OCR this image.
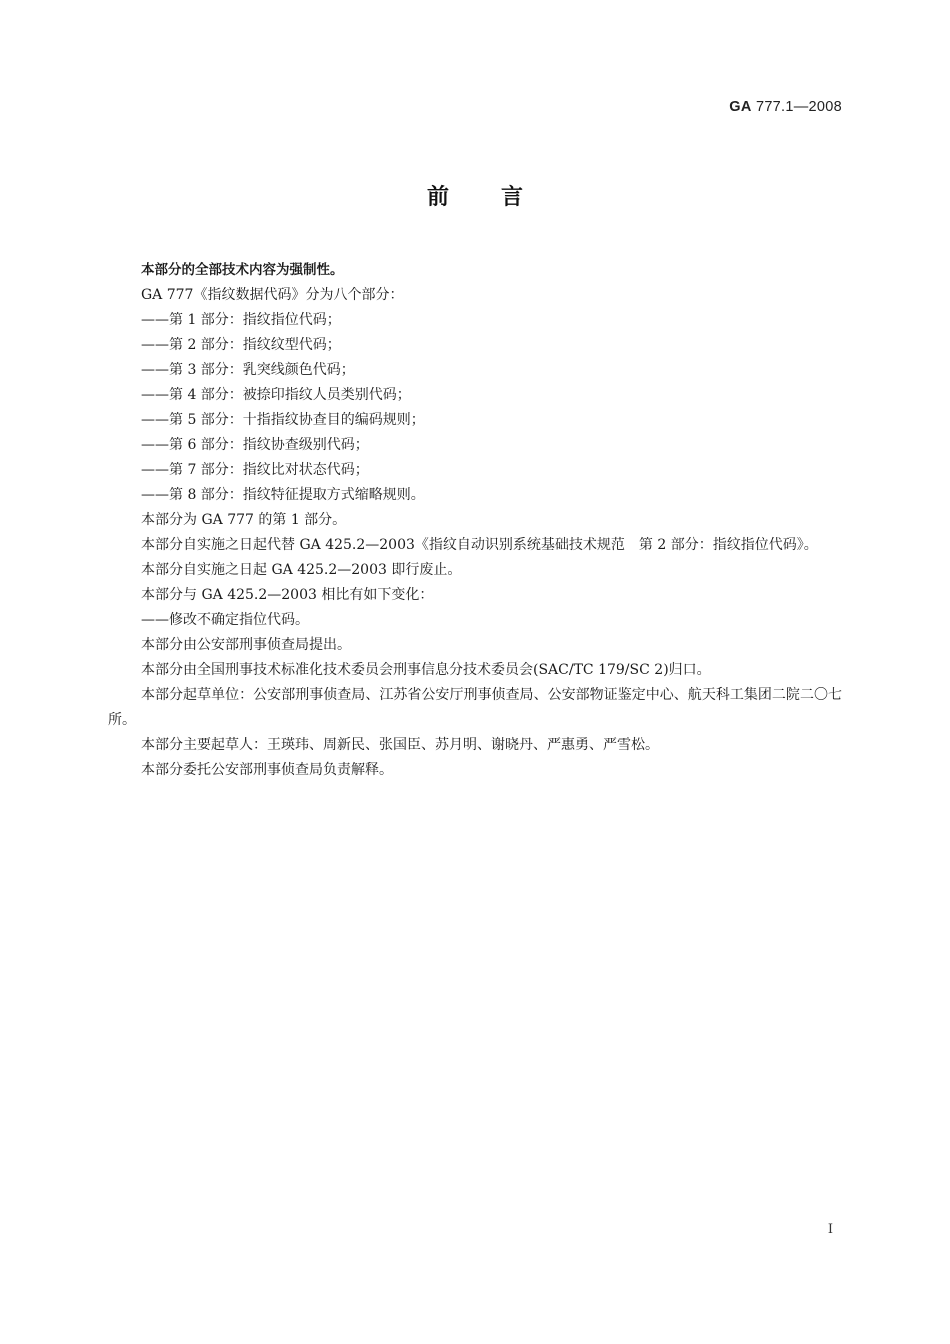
GA 777.1—2008
前言

本部分的全部技术内容为强制性。

GA 777《指纹数据代码》分为八个部分：

——第 1 部分：指纹指位代码；

——第 2 部分：指纹纹型代码；

——第 3 部分：乳突线颜色代码；

——第 4 部分：被捺印指纹人员类别代码；

——第 5 部分：十指指纹协查目的编码规则；

——第 6 部分：指纹协查级别代码；

——第 7 部分：指纹比对状态代码；

——第 8 部分：指纹特征提取方式缩略规则。

本部分为 GA 777 的第 1 部分。

本部分自实施之日起代替 GA 425.2—2003《指纹自动识别系统基础技术规范　第 2 部分：指纹指位代码》。

本部分自实施之日起 GA 425.2—2003 即行废止。

本部分与 GA 425.2—2003 相比有如下变化：

——修改不确定指位代码。

本部分由公安部刑事侦查局提出。

本部分由全国刑事技术标准化技术委员会刑事信息分技术委员会(SAC/TC 179/SC 2)归口。

本部分起草单位：公安部刑事侦查局、江苏省公安厅刑事侦查局、公安部物证鉴定中心、航天科工集团二院二〇七所。

本部分主要起草人：王瑛玮、周新民、张国臣、苏月明、谢晓丹、严惠勇、严雪松。

本部分委托公安部刑事侦查局负责解释。

I
